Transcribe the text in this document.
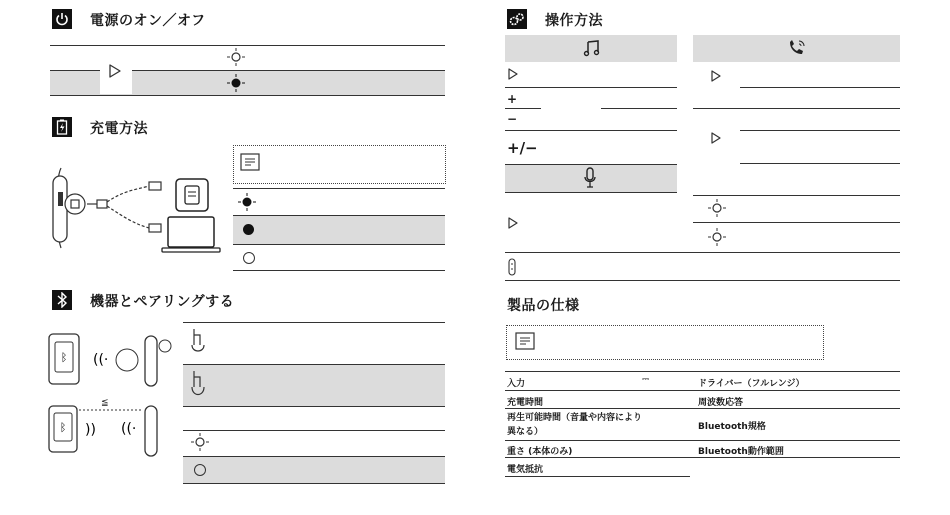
電源のオン／オフ
充電方法
機器とペアリングする
ᛒ ((·
ᛒ )) ((·
≦
操作方法
+
−
+/−
製品の仕様
入力	⎓
充電時間
再生可能時間（音量や内容により異なる）
重さ (本体のみ)
電気抵抗
ドライバー（フルレンジ）
周波数応答
Bluetooth規格
Bluetooth動作範囲
